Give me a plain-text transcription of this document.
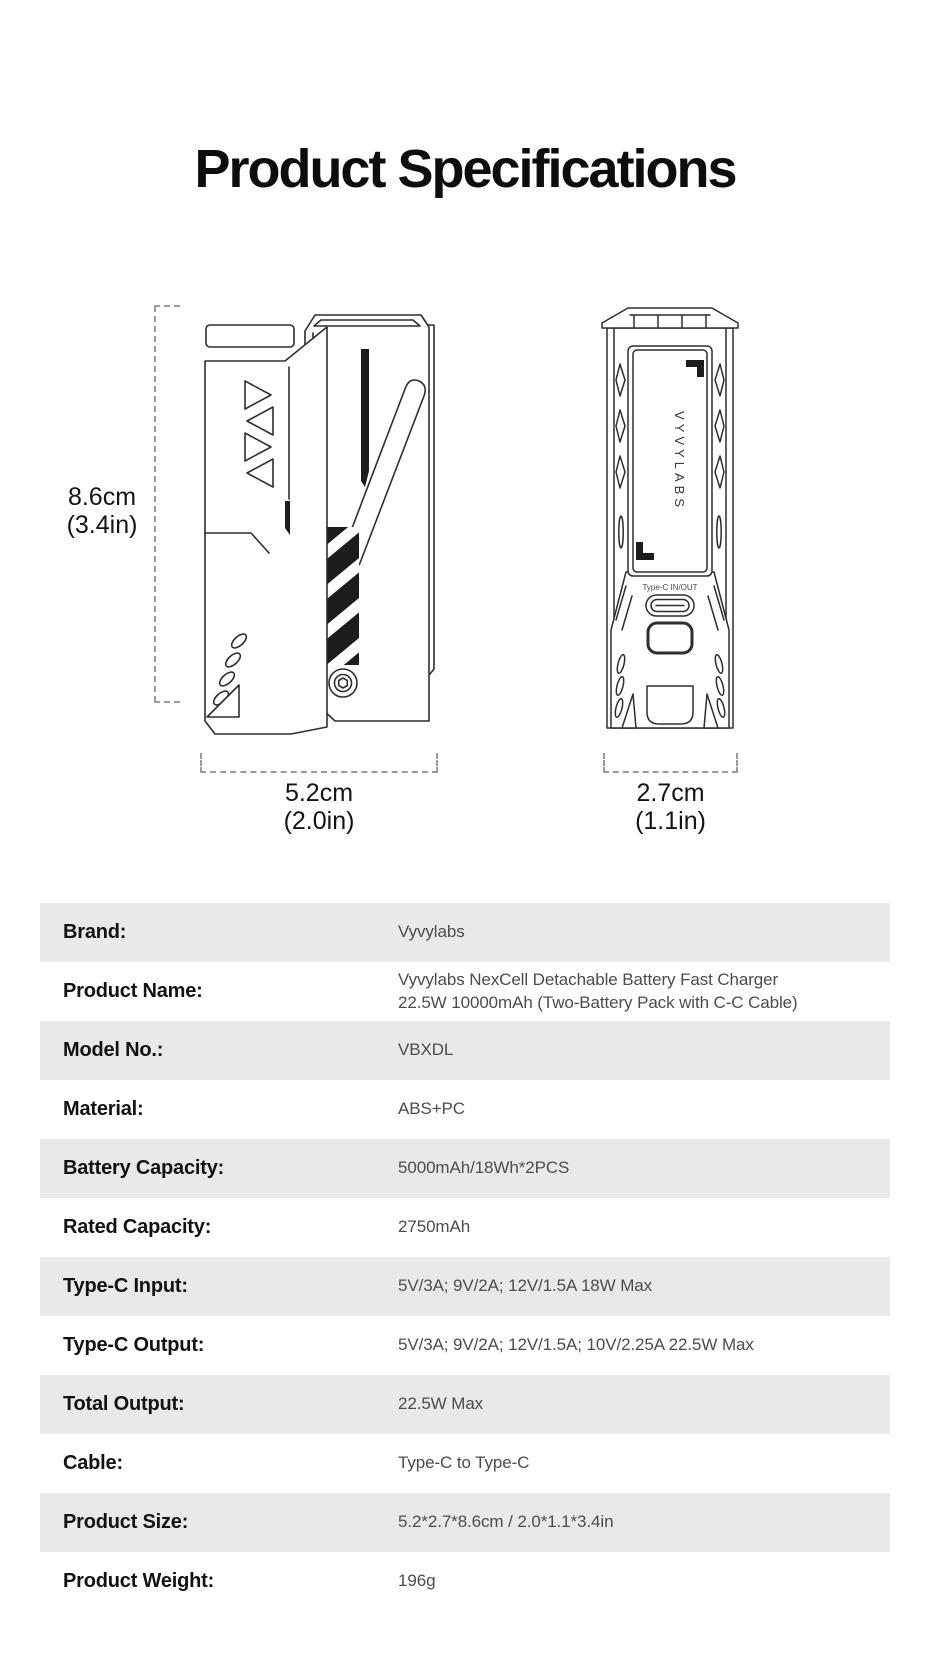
Product Specifications
8.6cm
(3.4in)
VYVYLABS
Type-C IN/OUT
5.2cm
(2.0in)
2.7cm
(1.1in)
Brand:	Vyvylabs
Product Name:
Vyvylabs NexCell Detachable Battery Fast Charger 22.5W 10000mAh (Two-Battery Pack with C-C Cable)
Model No.:	VBXDL
Material:	ABS+PC
Battery Capacity:	5000mAh/18Wh*2PCS
Rated Capacity:	2750mAh
Type-C Input:	5V/3A; 9V/2A; 12V/1.5A 18W Max
Type-C Output:	5V/3A; 9V/2A; 12V/1.5A; 10V/2.25A 22.5W Max
Total Output:	22.5W Max
Cable:	Type-C to Type-C
Product Size:	5.2*2.7*8.6cm / 2.0*1.1*3.4in
Product Weight:	196g
